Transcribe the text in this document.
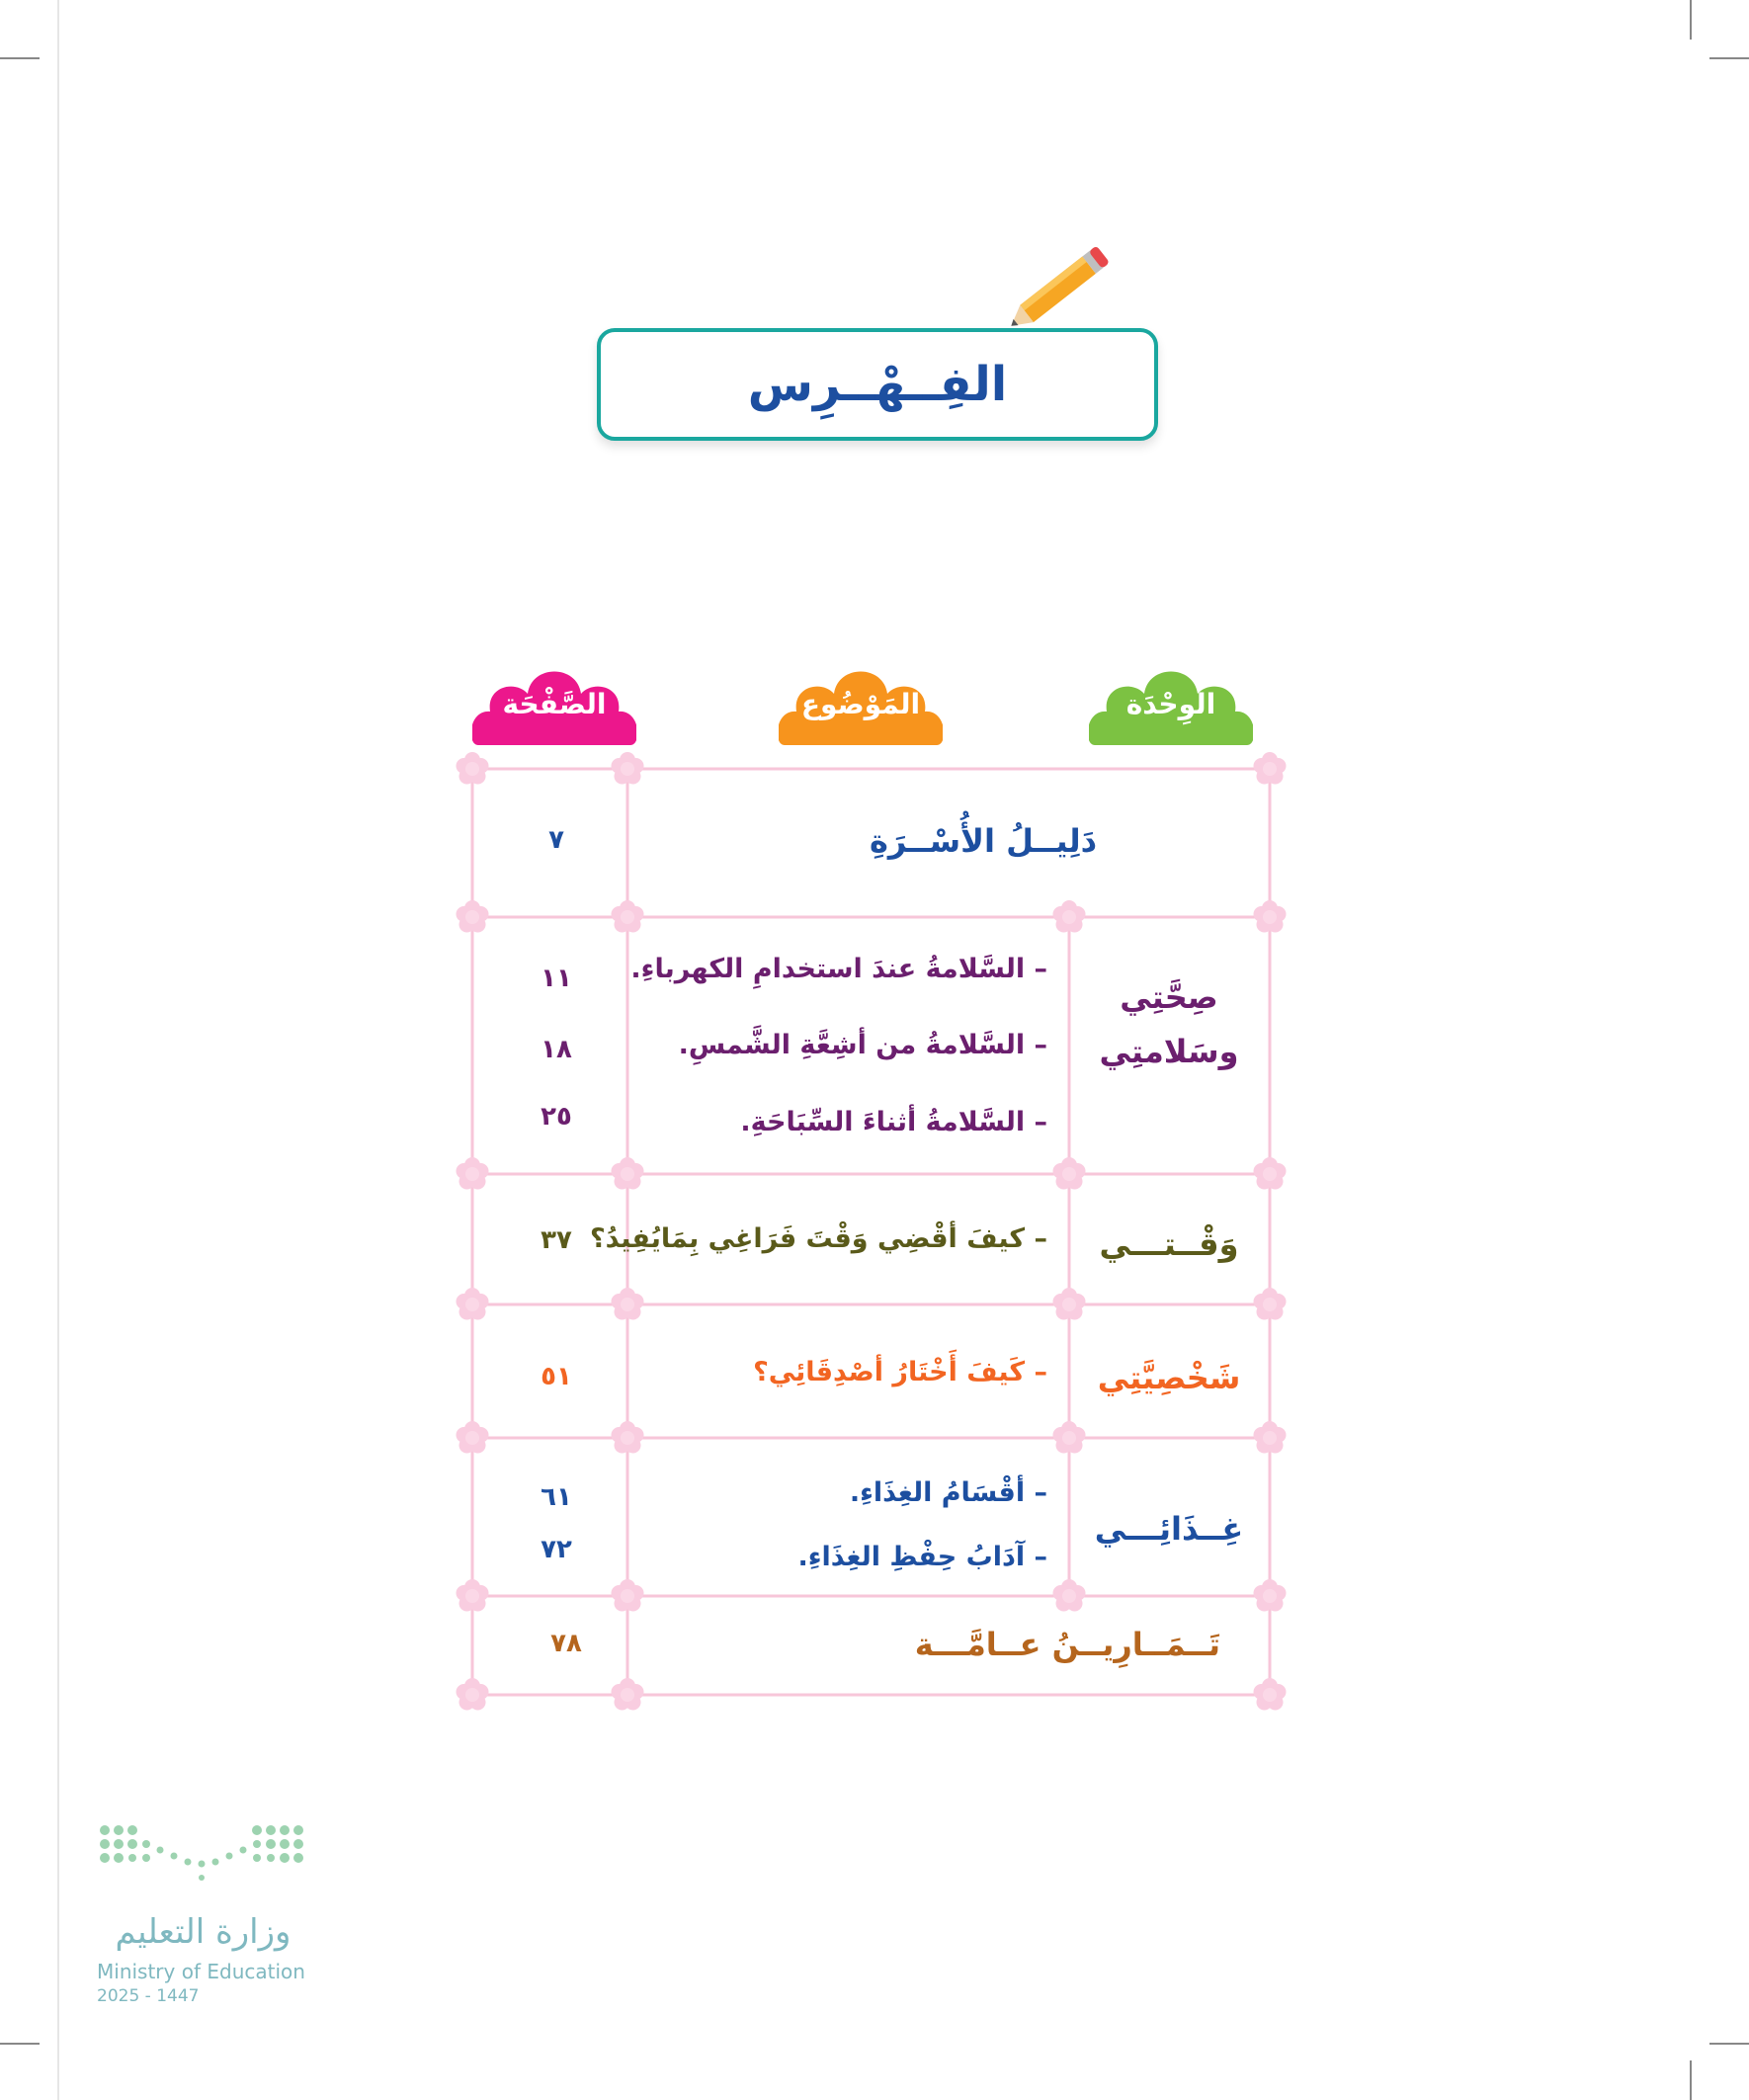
الفِــهْــرِس
الوِحْدَة
المَوْضُوع
الصَّفْحَة
دَلِيــلُ الأُسْــرَةِ
٧
صِحَّتِي
وسَلامتِي
– السَّلامةُ عندَ استخدامِ الكهرباءِ.
– السَّلامةُ من أشِعَّةِ الشَّمسِ.
– السَّلامةُ أثناءَ السِّبَاحَةِ.
١١
١٨
٢٥
وَقْــتـــي
– كيفَ أقْضِي وَقْتَ فَرَاغِي بِمَايُفِيدُ؟
٣٧
شَخْصِيَّتِي
– كَيفَ أَخْتَارُ أصْدِقَائِي؟
٥١
غِــذَائِـــي
– أقْسَامُ الغِذَاءِ.
– آدَابُ حِفْظِ الغِذَاءِ.
٦١
٧٢
تَــمَــارِيــنُ عــامَّـــة
٧٨
وزارة التعليم
Ministry of Education
2025 - 1447
